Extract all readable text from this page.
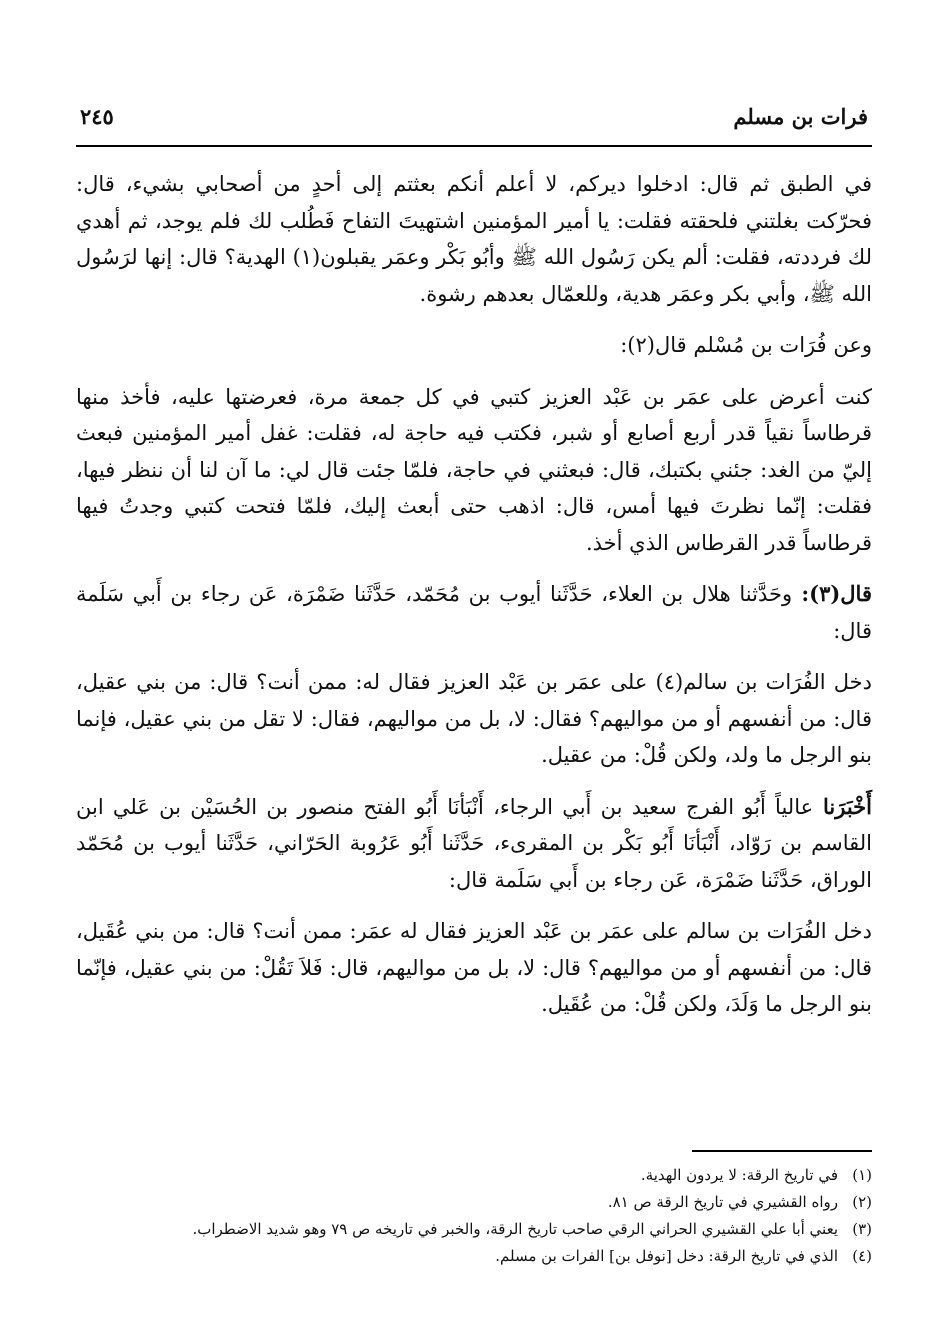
فرات بن مسلم
٢٤٥

في الطبق ثم قال: ادخلوا ديركم، لا أعلم أنكم بعثتم إلى أحدٍ من أصحابي بشيء، قال: فحرّكت بغلتني فلحقته فقلت: يا أمير المؤمنين اشتهيتَ التفاح فَطُلب لك فلم يوجد، ثم أهدي لك فرددته، فقلت: ألم يكن رَسُول الله ﷺ وأبُو بَكْر وعمَر يقبلون(١) الهدية؟ قال: إنها لرَسُول الله ﷺ، وأبي بكر وعمَر هدية، وللعمّال بعدهم رشوة.

وعن فُرَات بن مُسْلم قال(٢):

كنت أعرض على عمَر بن عَبْد العزيز كتبي في كل جمعة مرة، فعرضتها عليه، فأخذ منها قرطاساً نقياً قدر أربع أصابع أو شبر، فكتب فيه حاجة له، فقلت: غفل أمير المؤمنين فبعث إليّ من الغد: جئني بكتبك، قال: فبعثني في حاجة، فلمّا جئت قال لي: ما آن لنا أن ننظر فيها، فقلت: إنّما نظرتَ فيها أمس، قال: اذهب حتى أبعث إليك، فلمّا فتحت كتبي وجدتُ فيها قرطاساً قدر القرطاس الذي أخذ.

قال(٣): وحَدَّثنا هلال بن العلاء، حَدَّثَنا أيوب بن مُحَمّد، حَدَّثَنا ضَمْرَة، عَن رجاء بن أَبي سَلَمة قال:

دخل الفُرَات بن سالم(٤) على عمَر بن عَبْد العزيز فقال له: ممن أنت؟ قال: من بني عقيل، قال: من أنفسهم أو من مواليهم؟ فقال: لا، بل من مواليهم، فقال: لا تقل من بني عقيل، فإنما بنو الرجل ما ولد، ولكن قُلْ: من عقيل.

أَخْبَرَنا عالياً أَبُو الفرج سعيد بن أَبي الرجاء، أَنْبَأنَا أَبُو الفتح منصور بن الحُسَيْن بن عَلي ابن القاسم بن رَوّاد، أَنْبَأنَا أَبُو بَكْر بن المقرىء، حَدَّثَنا أَبُو عَرُوبة الحَرّاني، حَدَّثَنا أيوب بن مُحَمّد الوراق، حَدَّثَنا ضَمْرَة، عَن رجاء بن أَبي سَلَمة قال:

دخل الفُرَات بن سالم على عمَر بن عَبْد العزيز فقال له عمَر: ممن أنت؟ قال: من بني عُقَيل، قال: من أنفسهم أو من مواليهم؟ قال: لا، بل من مواليهم، قال: فَلاَ تَقُلْ: من بني عقيل، فإنّما بنو الرجل ما وَلَدَ، ولكن قُلْ: من عُقَيل.

(١)في تاريخ الرقة: لا يردون الهدية.

(٢)رواه القشيري في تاريخ الرقة ص ٨١.

(٣)يعني أبا علي القشيري الحراني الرقي صاحب تاريخ الرقة، والخبر في تاريخه ص ٧٩ وهو شديد الاضطراب.

(٤)الذي في تاريخ الرقة: دخل [نوفل بن] الفرات بن مسلم.
